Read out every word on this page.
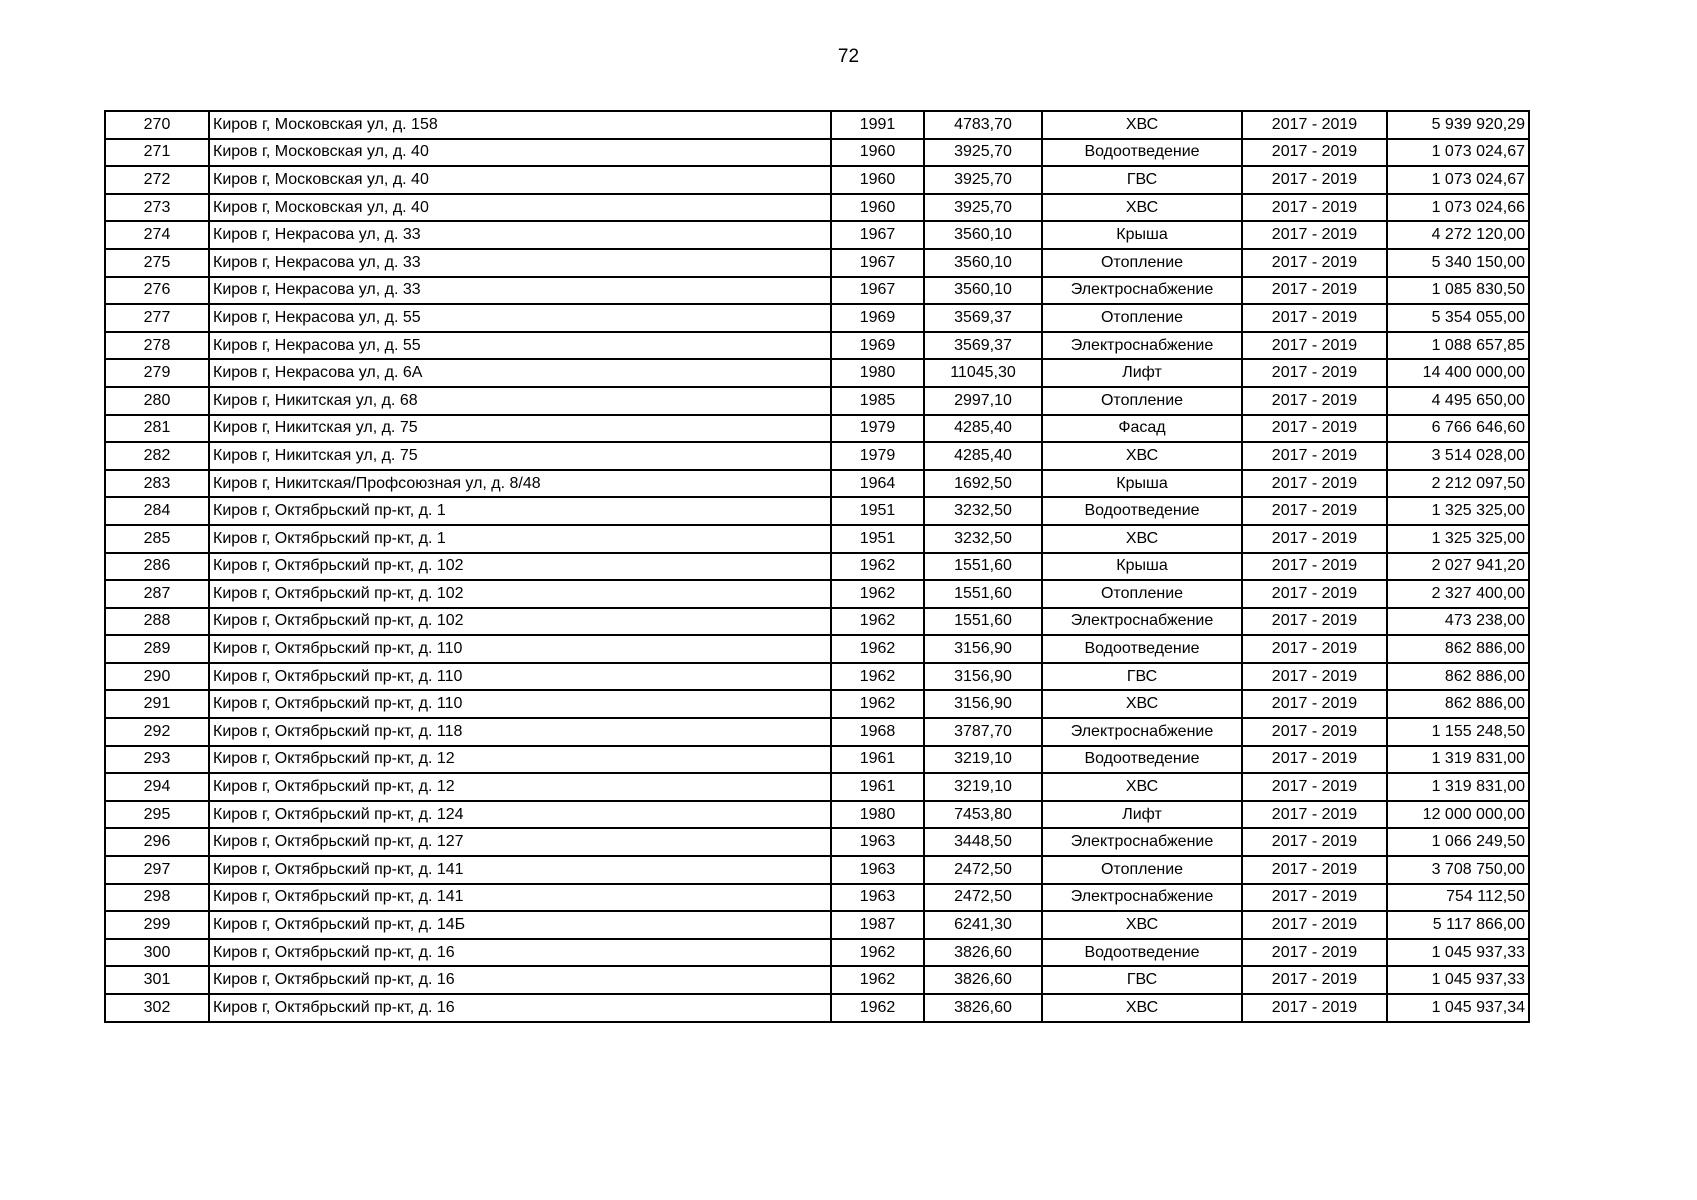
72
270	Киров г, Московская ул, д. 158	1991	4783,70	ХВС	2017 - 2019	5 939 920,29
271	Киров г, Московская ул, д. 40	1960	3925,70	Водоотведение	2017 - 2019	1 073 024,67
272	Киров г, Московская ул, д. 40	1960	3925,70	ГВС	2017 - 2019	1 073 024,67
273	Киров г, Московская ул, д. 40	1960	3925,70	ХВС	2017 - 2019	1 073 024,66
274	Киров г, Некрасова ул, д. 33	1967	3560,10	Крыша	2017 - 2019	4 272 120,00
275	Киров г, Некрасова ул, д. 33	1967	3560,10	Отопление	2017 - 2019	5 340 150,00
276	Киров г, Некрасова ул, д. 33	1967	3560,10	Электроснабжение	2017 - 2019	1 085 830,50
277	Киров г, Некрасова ул, д. 55	1969	3569,37	Отопление	2017 - 2019	5 354 055,00
278	Киров г, Некрасова ул, д. 55	1969	3569,37	Электроснабжение	2017 - 2019	1 088 657,85
279	Киров г, Некрасова ул, д. 6А	1980	11045,30	Лифт	2017 - 2019	14 400 000,00
280	Киров г, Никитская ул, д. 68	1985	2997,10	Отопление	2017 - 2019	4 495 650,00
281	Киров г, Никитская ул, д. 75	1979	4285,40	Фасад	2017 - 2019	6 766 646,60
282	Киров г, Никитская ул, д. 75	1979	4285,40	ХВС	2017 - 2019	3 514 028,00
283	Киров г, Никитская/Профсоюзная ул, д. 8/48	1964	1692,50	Крыша	2017 - 2019	2 212 097,50
284	Киров г, Октябрьский пр-кт, д. 1	1951	3232,50	Водоотведение	2017 - 2019	1 325 325,00
285	Киров г, Октябрьский пр-кт, д. 1	1951	3232,50	ХВС	2017 - 2019	1 325 325,00
286	Киров г, Октябрьский пр-кт, д. 102	1962	1551,60	Крыша	2017 - 2019	2 027 941,20
287	Киров г, Октябрьский пр-кт, д. 102	1962	1551,60	Отопление	2017 - 2019	2 327 400,00
288	Киров г, Октябрьский пр-кт, д. 102	1962	1551,60	Электроснабжение	2017 - 2019	473 238,00
289	Киров г, Октябрьский пр-кт, д. 110	1962	3156,90	Водоотведение	2017 - 2019	862 886,00
290	Киров г, Октябрьский пр-кт, д. 110	1962	3156,90	ГВС	2017 - 2019	862 886,00
291	Киров г, Октябрьский пр-кт, д. 110	1962	3156,90	ХВС	2017 - 2019	862 886,00
292	Киров г, Октябрьский пр-кт, д. 118	1968	3787,70	Электроснабжение	2017 - 2019	1 155 248,50
293	Киров г, Октябрьский пр-кт, д. 12	1961	3219,10	Водоотведение	2017 - 2019	1 319 831,00
294	Киров г, Октябрьский пр-кт, д. 12	1961	3219,10	ХВС	2017 - 2019	1 319 831,00
295	Киров г, Октябрьский пр-кт, д. 124	1980	7453,80	Лифт	2017 - 2019	12 000 000,00
296	Киров г, Октябрьский пр-кт, д. 127	1963	3448,50	Электроснабжение	2017 - 2019	1 066 249,50
297	Киров г, Октябрьский пр-кт, д. 141	1963	2472,50	Отопление	2017 - 2019	3 708 750,00
298	Киров г, Октябрьский пр-кт, д. 141	1963	2472,50	Электроснабжение	2017 - 2019	754 112,50
299	Киров г, Октябрьский пр-кт, д. 14Б	1987	6241,30	ХВС	2017 - 2019	5 117 866,00
300	Киров г, Октябрьский пр-кт, д. 16	1962	3826,60	Водоотведение	2017 - 2019	1 045 937,33
301	Киров г, Октябрьский пр-кт, д. 16	1962	3826,60	ГВС	2017 - 2019	1 045 937,33
302	Киров г, Октябрьский пр-кт, д. 16	1962	3826,60	ХВС	2017 - 2019	1 045 937,34
